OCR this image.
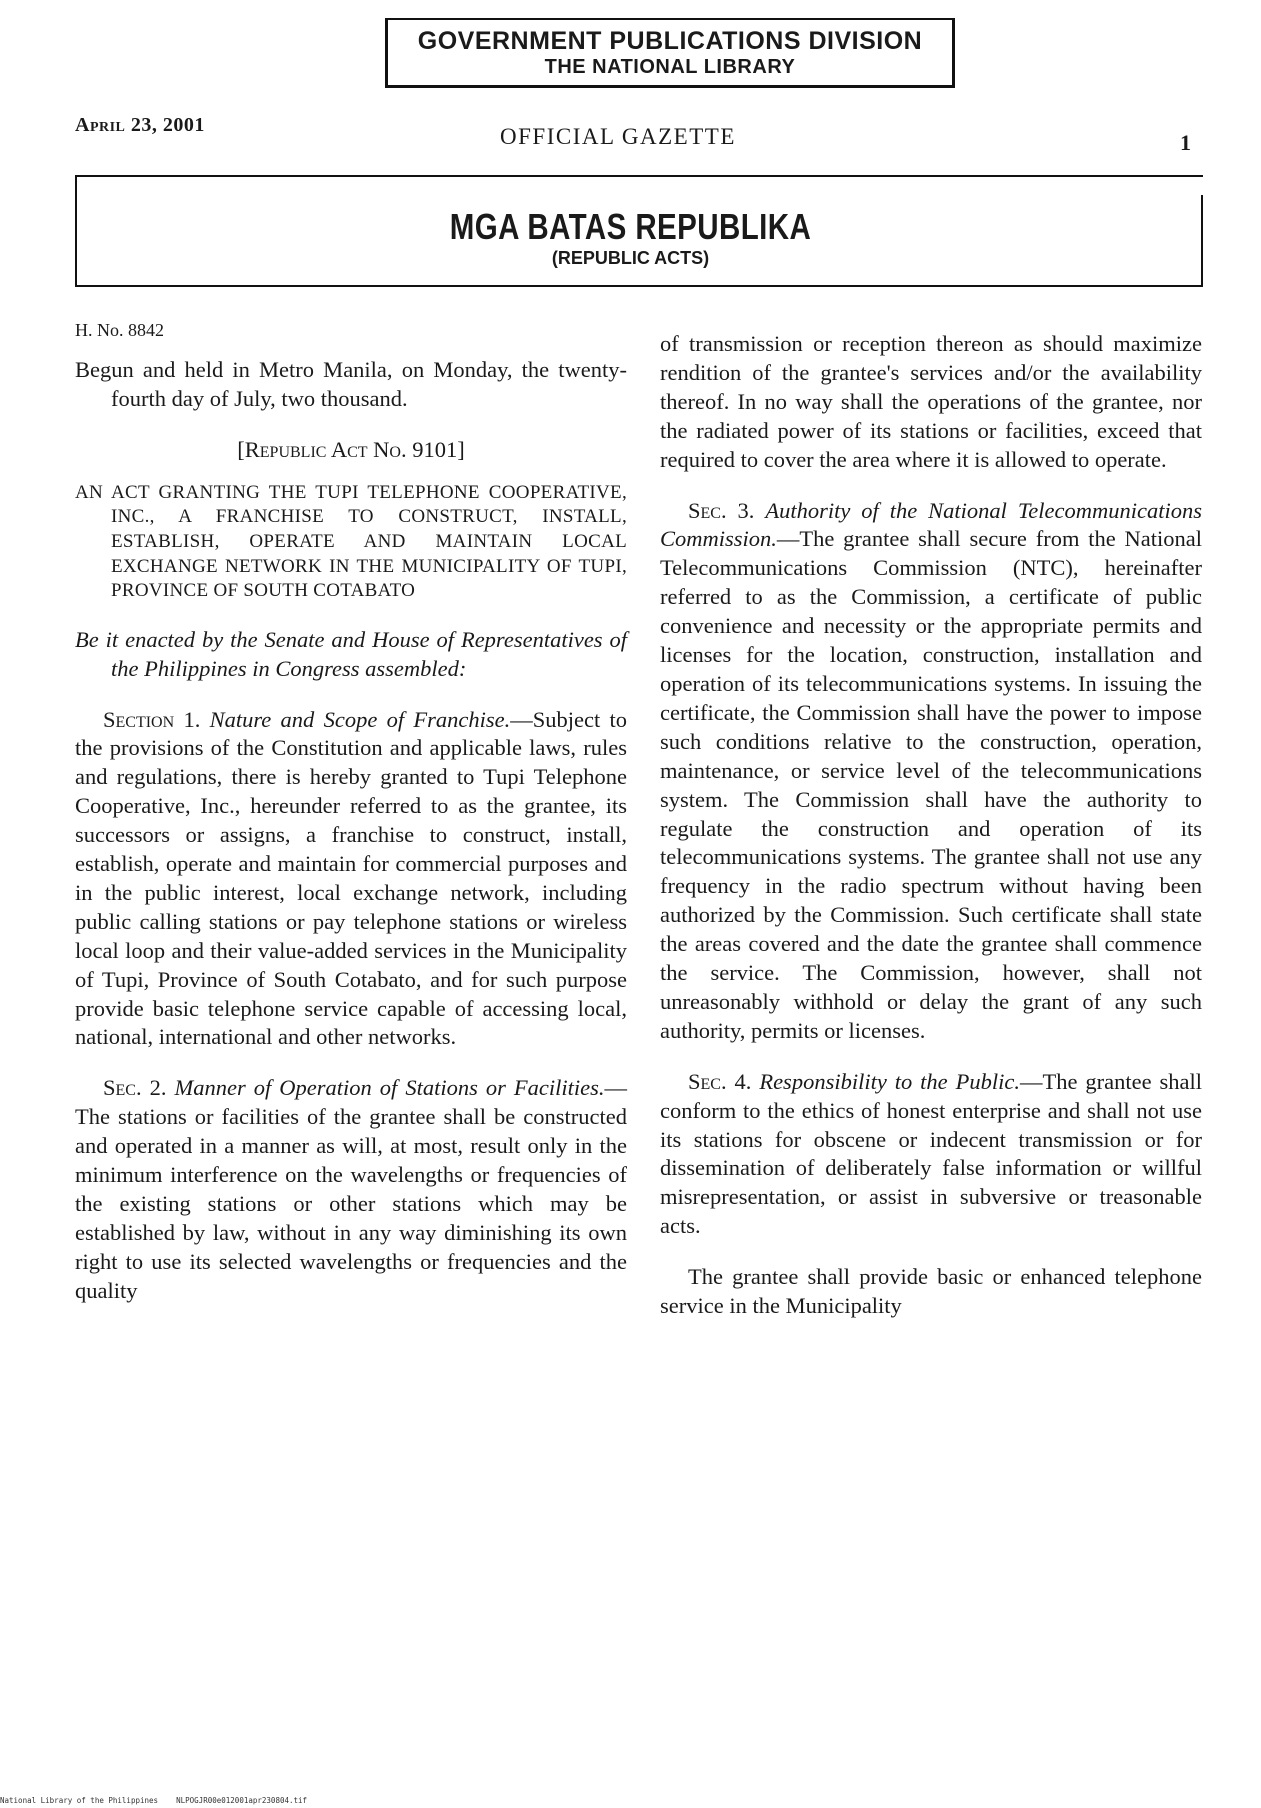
GOVERNMENT PUBLICATIONS DIVISION
THE NATIONAL LIBRARY
April 23, 2001	OFFICIAL GAZETTE	1
MGA BATAS REPUBLIKA
(REPUBLIC ACTS)

H. No. 8842

Begun and held in Metro Manila, on Monday, the twenty-fourth day of July, two thousand.

[Republic Act No. 9101]

AN ACT GRANTING THE TUPI TELEPHONE COOPERATIVE, INC., A FRANCHISE TO CONSTRUCT, INSTALL, ESTABLISH, OPERATE AND MAINTAIN LOCAL EXCHANGE NETWORK IN THE MUNICIPALITY OF TUPI, PROVINCE OF SOUTH COTABATO

Be it enacted by the Senate and House of Representatives of the Philippines in Congress assembled:

Section 1. Nature and Scope of Franchise.—Subject to the provisions of the Constitution and applicable laws, rules and regulations, there is hereby granted to Tupi Telephone Cooperative, Inc., hereunder referred to as the grantee, its successors or assigns, a franchise to construct, install, establish, operate and maintain for commercial purposes and in the public interest, local exchange network, including public calling stations or pay telephone stations or wireless local loop and their value-added services in the Municipality of Tupi, Province of South Cotabato, and for such purpose provide basic telephone service capable of accessing local, national, international and other networks.

Sec. 2. Manner of Operation of Stations or Facilities.—The stations or facilities of the grantee shall be constructed and operated in a manner as will, at most, result only in the minimum interference on the wavelengths or frequencies of the existing stations or other stations which may be established by law, without in any way diminishing its own right to use its selected wavelengths or frequencies and the quality

of transmission or reception thereon as should maximize rendition of the grantee's services and/or the availability thereof. In no way shall the operations of the grantee, nor the radiated power of its stations or facilities, exceed that required to cover the area where it is allowed to operate.

Sec. 3. Authority of the National Telecommunications Commission.—The grantee shall secure from the National Telecommunications Commission (NTC), hereinafter referred to as the Commission, a certificate of public convenience and necessity or the appropriate permits and licenses for the location, construction, installation and operation of its telecommunications systems. In issuing the certificate, the Commission shall have the power to impose such conditions relative to the construction, operation, maintenance, or service level of the telecommunications system. The Commission shall have the authority to regulate the construction and operation of its telecommunications systems. The grantee shall not use any frequency in the radio spectrum without having been authorized by the Commission. Such certificate shall state the areas covered and the date the grantee shall commence the service. The Commission, however, shall not unreasonably withhold or delay the grant of any such authority, permits or licenses.

Sec. 4. Responsibility to the Public.—The grantee shall conform to the ethics of honest enterprise and shall not use its stations for obscene or indecent transmission or for dissemination of deliberately false information or willful misrepresentation, or assist in subversive or treasonable acts.

The grantee shall provide basic or enhanced telephone service in the Municipality

National Library of the Philippines NLPOGJR00e012001apr230804.tif
